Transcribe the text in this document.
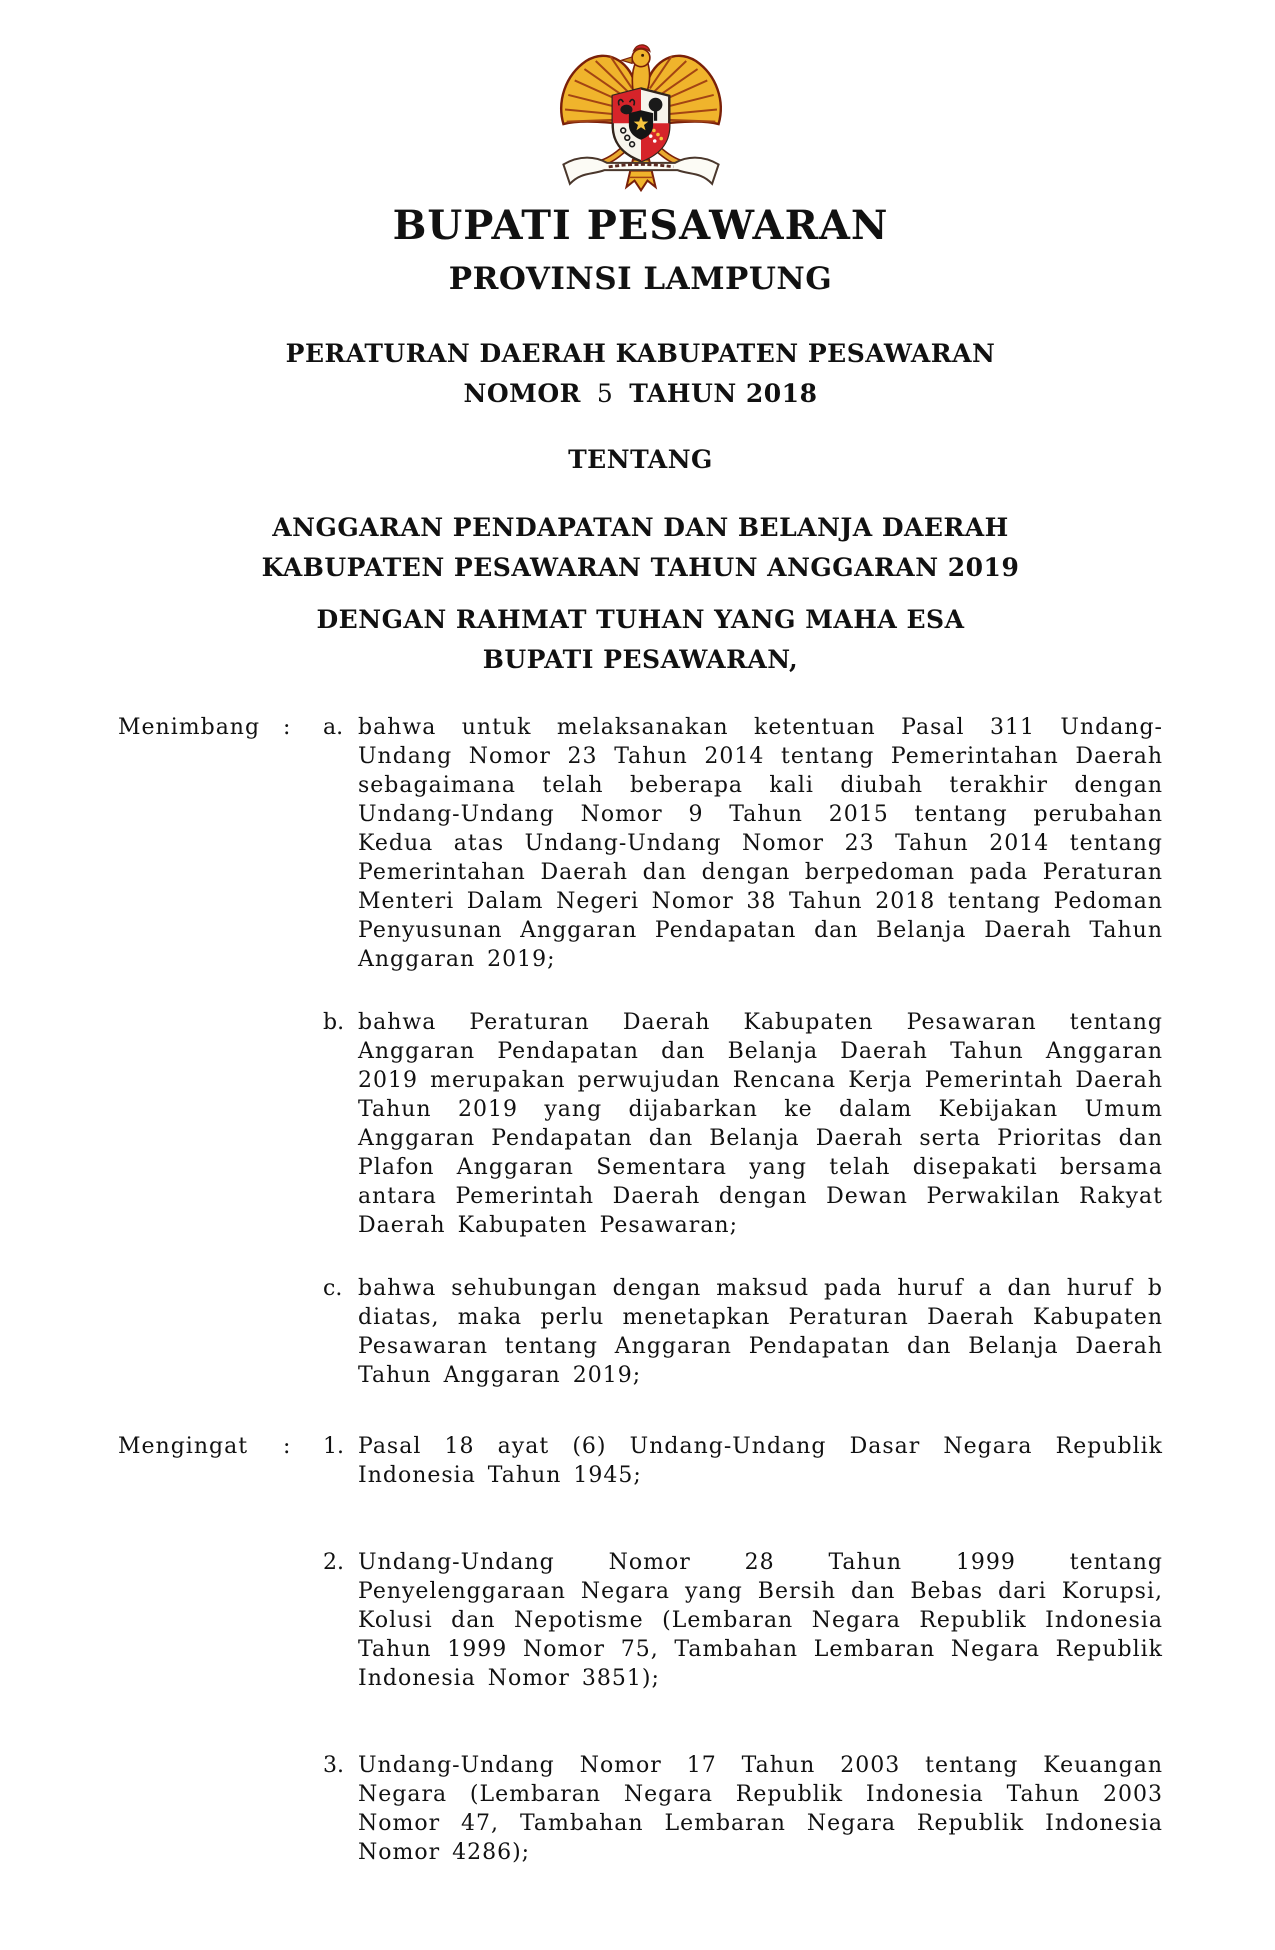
BUPATI PESAWARAN
PROVINSI LAMPUNG
PERATURAN DAERAH KABUPATEN PESAWARAN
NOMOR 5 TAHUN 2018
TENTANG
ANGGARAN PENDAPATAN DAN BELANJA DAERAH
KABUPATEN PESAWARAN TAHUN ANGGARAN 2019
DENGAN RAHMAT TUHAN YANG MAHA ESA
BUPATI PESAWARAN,
Menimbang	:	a. bahwa untuk melaksanakan ketentuan Pasal 311 Undang-Undang Nomor 23 Tahun 2014 tentang Pemerintahan Daerah sebagaimana telah beberapa kali diubah terakhir dengan Undang-Undang Nomor 9 Tahun 2015 tentang perubahan Kedua atas Undang-Undang Nomor 23 Tahun 2014 tentang Pemerintahan Daerah dan dengan berpedoman pada Peraturan Menteri Dalam Negeri Nomor 38 Tahun 2018 tentang Pedoman Penyusunan Anggaran Pendapatan dan Belanja Daerah Tahun Anggaran 2019;
b. bahwa Peraturan Daerah Kabupaten Pesawaran tentang Anggaran Pendapatan dan Belanja Daerah Tahun Anggaran 2019 merupakan perwujudan Rencana Kerja Pemerintah Daerah Tahun 2019 yang dijabarkan ke dalam Kebijakan Umum Anggaran Pendapatan dan Belanja Daerah serta Prioritas dan Plafon Anggaran Sementara yang telah disepakati bersama antara Pemerintah Daerah dengan Dewan Perwakilan Rakyat Daerah Kabupaten Pesawaran;
c. bahwa sehubungan dengan maksud pada huruf a dan huruf b diatas, maka perlu menetapkan Peraturan Daerah Kabupaten Pesawaran tentang Anggaran Pendapatan dan Belanja Daerah Tahun Anggaran 2019;
Mengingat	:	1. Pasal 18 ayat (6) Undang-Undang Dasar Negara Republik Indonesia Tahun 1945;
2. Undang-Undang Nomor 28 Tahun 1999 tentang Penyelenggaraan Negara yang Bersih dan Bebas dari Korupsi, Kolusi dan Nepotisme (Lembaran Negara Republik Indonesia Tahun 1999 Nomor 75, Tambahan Lembaran Negara Republik Indonesia Nomor 3851);
3. Undang-Undang Nomor 17 Tahun 2003 tentang Keuangan Negara (Lembaran Negara Republik Indonesia Tahun 2003 Nomor 47, Tambahan Lembaran Negara Republik Indonesia Nomor 4286);
